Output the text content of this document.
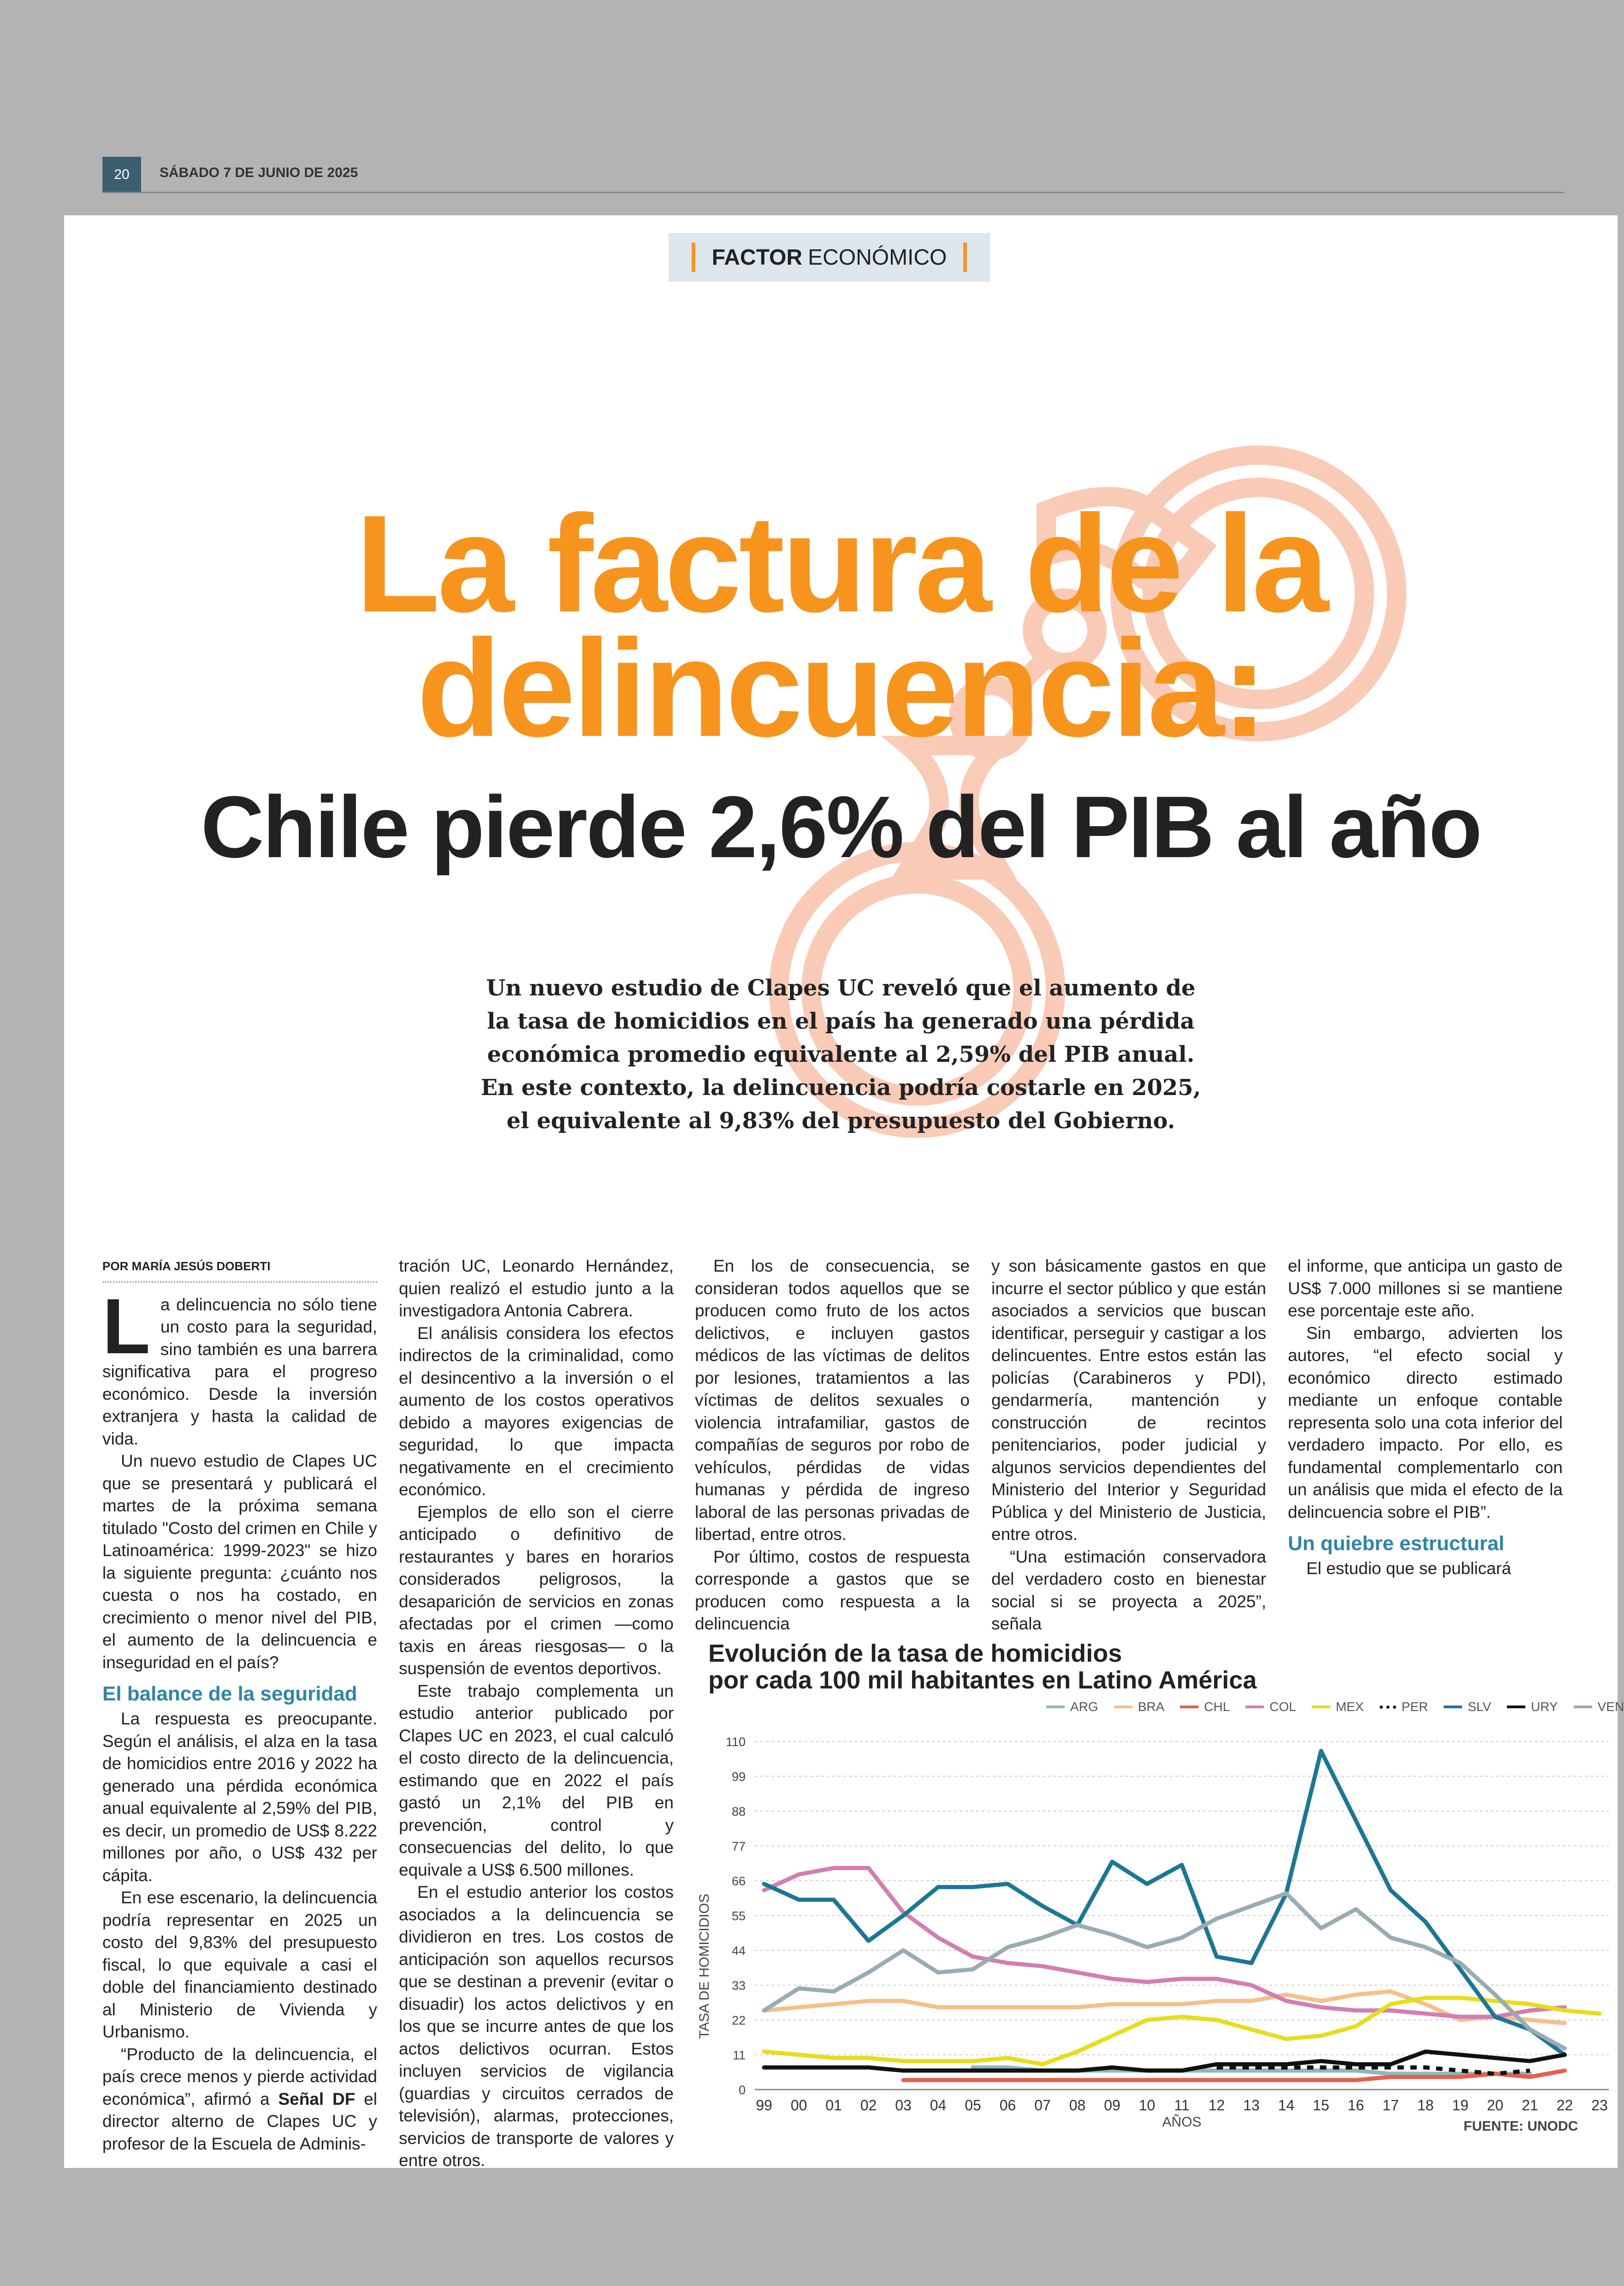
20	SÁBADO 7 DE JUNIO DE 2025
FACTOR ECONÓMICO
La factura de la
delincuencia:
Chile pierde 2,6% del PIB al año
Un nuevo estudio de Clapes UC reveló que el aumento de la tasa de homicidios en el país ha generado una pérdida económica promedio equivalente al 2,59% del PIB anual. En este contexto, la delincuencia podría costarle en 2025, el equivalente al 9,83% del presupuesto del Gobierno.
POR MARÍA JESÚS DOBERTI

La delincuencia no sólo tiene un costo para la seguridad, sino también es una barrera significativa para el progreso económico. Desde la inversión extranjera y hasta la calidad de vida.

Un nuevo estudio de Clapes UC que se presentará y publicará el martes de la próxima semana titulado "Costo del crimen en Chile y Latinoamérica: 1999-2023" se hizo la siguiente pregunta: ¿cuánto nos cuesta o nos ha costado, en crecimiento o menor nivel del PIB, el aumento de la delincuencia e inseguridad en el país?

El balance de la seguridad

La respuesta es preocupante. Según el análisis, el alza en la tasa de homicidios entre 2016 y 2022 ha generado una pérdida económica anual equivalente al 2,59% del PIB, es decir, un promedio de US$ 8.222 millones por año, o US$ 432 per cápita.

En ese escenario, la delincuencia podría representar en 2025 un costo del 9,83% del presupuesto fiscal, lo que equivale a casi el doble del financiamiento destinado al Ministerio de Vivienda y Urbanismo.

“Producto de la delincuencia, el país crece menos y pierde actividad económica”, afirmó a Señal DF el director alterno de Clapes UC y profesor de la Escuela de Adminis-

tración UC, Leonardo Hernández, quien realizó el estudio junto a la investigadora Antonia Cabrera.

El análisis considera los efectos indirectos de la criminalidad, como el desincentivo a la inversión o el aumento de los costos operativos debido a mayores exigencias de seguridad, lo que impacta negativamente en el crecimiento económico.

Ejemplos de ello son el cierre anticipado o definitivo de restaurantes y bares en horarios considerados peligrosos, la desaparición de servicios en zonas afectadas por el crimen —como taxis en áreas riesgosas— o la suspensión de eventos deportivos.

Este trabajo complementa un estudio anterior publicado por Clapes UC en 2023, el cual calculó el costo directo de la delincuencia, estimando que en 2022 el país gastó un 2,1% del PIB en prevención, control y consecuencias del delito, lo que equivale a US$ 6.500 millones.

En el estudio anterior los costos asociados a la delincuencia se dividieron en tres. Los costos de anticipación son aquellos recursos que se destinan a prevenir (evitar o disuadir) los actos delictivos y en los que se incurre antes de que los actos delictivos ocurran. Estos incluyen servicios de vigilancia (guardias y circuitos cerrados de televisión), alarmas, protecciones, servicios de transporte de valores y entre otros.

En los de consecuencia, se consideran todos aquellos que se producen como fruto de los actos delictivos, e incluyen gastos médicos de las víctimas de delitos por lesiones, tratamientos a las víctimas de delitos sexuales o violencia intrafamiliar, gastos de compañías de seguros por robo de vehículos, pérdidas de vidas humanas y pérdida de ingreso laboral de las personas privadas de libertad, entre otros.

Por último, costos de respuesta corresponde a gastos que se producen como respuesta a la delincuencia

y son básicamente gastos en que incurre el sector público y que están asociados a servicios que buscan identificar, perseguir y castigar a los delincuentes. Entre estos están las policías (Carabineros y PDI), gendarmería, mantención y construcción de recintos penitenciarios, poder judicial y algunos servicios dependientes del Ministerio del Interior y Seguridad Pública y del Ministerio de Justicia, entre otros.

“Una estimación conservadora del verdadero costo en bienestar social si se proyecta a 2025”, señala

el informe, que anticipa un gasto de US$ 7.000 millones si se mantiene ese porcentaje este año.

Sin embargo, advierten los autores, “el efecto social y económico directo estimado mediante un enfoque contable representa solo una cota inferior del verdadero impacto. Por ello, es fundamental complementarlo con un análisis que mida el efecto de la delincuencia sobre el PIB”.

Un quiebre estructural

El estudio que se publicará

Evolución de la tasa de homicidios
por cada 100 mil habitantes en Latino América
ARG	BRA	CHL	COL	MEX	PER	SLV	URY	VEN
0
11
22
33
44
55
66
77
88
99
110
99 00 01 02 03 04 05 06 07 08 09 10 11 12 13 14 15 16 17 18 19 20 21 22 23
AÑOS
TASA DE HOMICIDIOS
FUENTE: UNODC
